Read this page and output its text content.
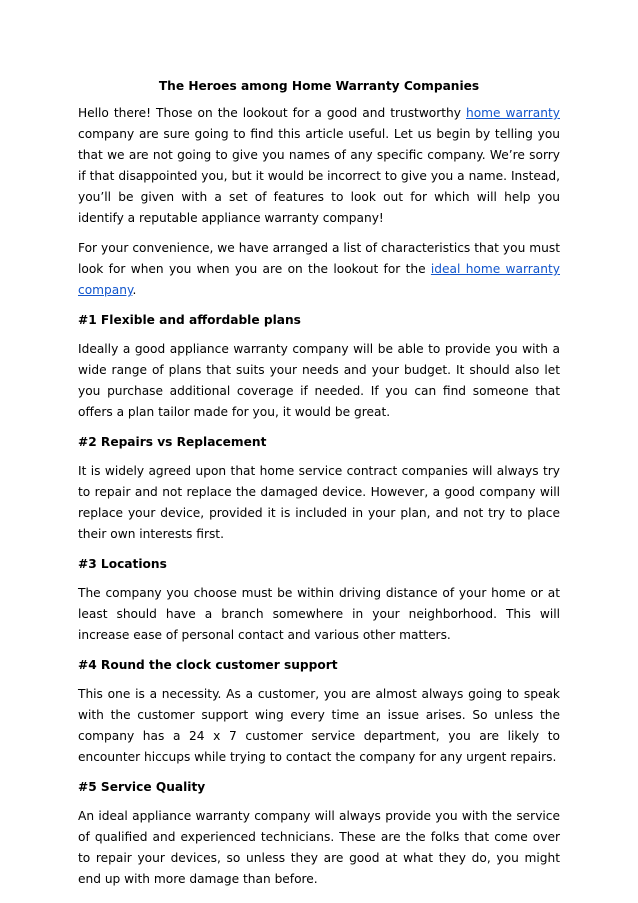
The Heroes among Home Warranty Companies

Hello there! Those on the lookout for a good and trustworthy home warranty company are sure going to find this article useful. Let us begin by telling you that we are not going to give you names of any specific company. We’re sorry if that disappointed you, but it would be incorrect to give you a name. Instead, you’ll be given with a set of features to look out for which will help you identify a reputable appliance warranty company!

For your convenience, we have arranged a list of characteristics that you must look for when you when you are on the lookout for the ideal home warranty company.

#1 Flexible and affordable plans

Ideally a good appliance warranty company will be able to provide you with a wide range of plans that suits your needs and your budget. It should also let you purchase additional coverage if needed. If you can find someone that offers a plan tailor made for you, it would be great.

#2 Repairs vs Replacement

It is widely agreed upon that home service contract companies will always try to repair and not replace the damaged device. However, a good company will replace your device, provided it is included in your plan, and not try to place their own interests first.

#3 Locations

The company you choose must be within driving distance of your home or at least should have a branch somewhere in your neighborhood. This will increase ease of personal contact and various other matters.

#4 Round the clock customer support

This one is a necessity. As a customer, you are almost always going to speak with the customer support wing every time an issue arises. So unless the company has a 24 x 7 customer service department, you are likely to encounter hiccups while trying to contact the company for any urgent repairs.

#5 Service Quality

An ideal appliance warranty company will always provide you with the service of qualified and experienced technicians. These are the folks that come over to repair your devices, so unless they are good at what they do, you might end up with more damage than before.
